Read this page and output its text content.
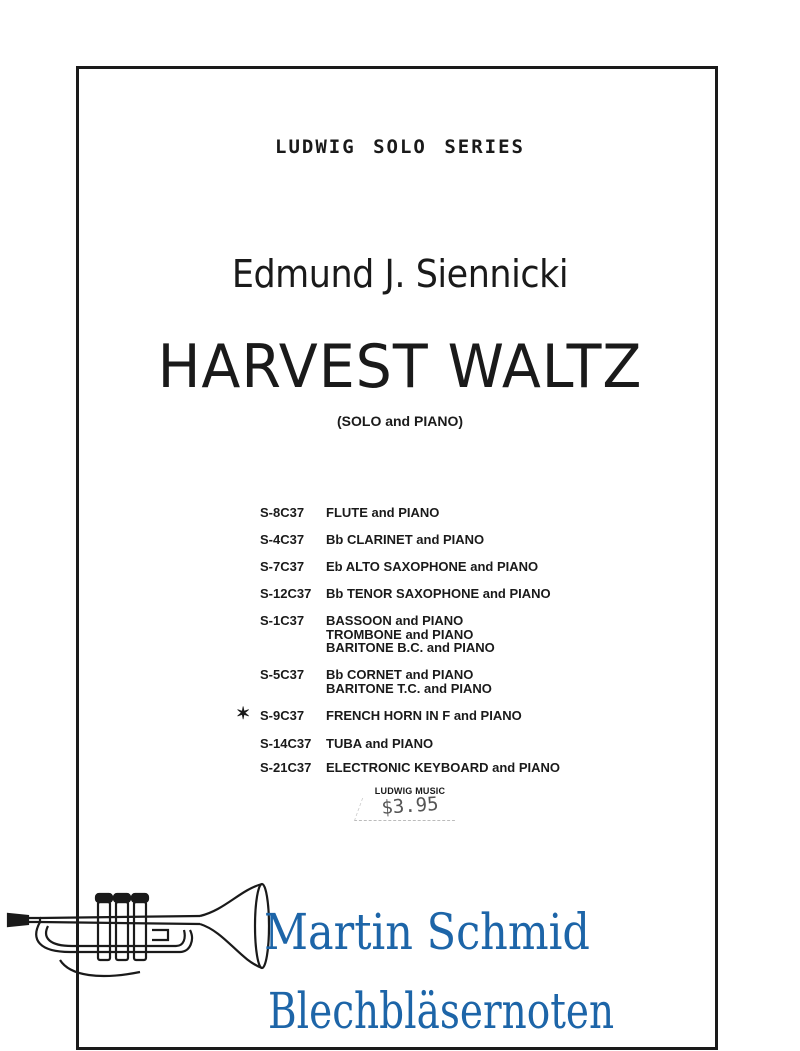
LUDWIG SOLO SERIES
Edmund J. Siennicki
HARVEST WALTZ
(SOLO and PIANO)
S-8C37	FLUTE and PIANO
S-4C37	Bb CLARINET and PIANO
S-7C37	Eb ALTO SAXOPHONE and PIANO
S-12C37	Bb TENOR SAXOPHONE and PIANO
S-1C37	BASSOON and PIANO
TROMBONE and PIANO
BARITONE B.C. and PIANO
S-5C37	Bb CORNET and PIANO
BARITONE T.C. and PIANO
✶ S-9C37	FRENCH HORN IN F and PIANO
S-14C37	TUBA and PIANO
S-21C37	ELECTRONIC KEYBOARD and PIANO
LUDWIG MUSIC
$3.95
Martin Schmid
Blechbläsernoten
